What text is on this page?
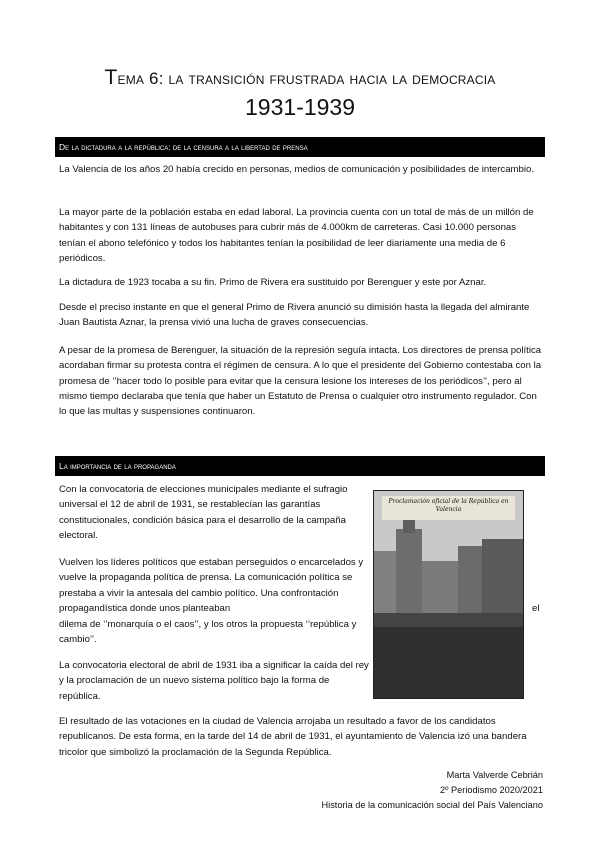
Tema 6: la transición frustrada hacia la democracia
1931-1939
De la dictadura a la república: de la censura a la libertad de prensa

La Valencia de los años 20 había crecido en personas, medios de comunicación y posibilidades de intercambio.

La mayor parte de la población estaba en edad laboral. La provincia cuenta con un total de más de un millón de habitantes y con 131 líneas de autobuses para cubrir más de 4.000km de carreteras. Casi 10.000 personas tenían el abono telefónico y todos los habitantes tenían la posibilidad de leer diariamente una media de 6 periódicos.

La dictadura de 1923 tocaba a su fin. Primo de Rivera era sustituido por Berenguer y este por Aznar.

Desde el preciso instante en que el general Primo de Rivera anunció su dimisión hasta la llegada del almirante Juan Bautista Aznar, la prensa vivió una lucha de graves consecuencias.

A pesar de la promesa de Berenguer, la situación de la represión seguía intacta. Los directores de prensa política acordaban firmar su protesta contra el régimen de censura. A lo que el presidente del Gobierno contestaba con la promesa de ‘’hacer todo lo posible para evitar que la censura lesione los intereses de los periódicos’’, pero al mismo tiempo declaraba que tenía que haber un Estatuto de Prensa o cualquier otro instrumento regulador. Con lo que las multas y suspensiones continuaron.

La importancia de la propaganda

Con la convocatoria de elecciones municipales mediante el sufragio universal el 12 de abril de 1931, se restablecían las garantías constitucionales, condición básica para el desarrollo de la campaña electoral.

Vuelven los líderes políticos que estaban perseguidos o encarcelados y vuelve la propaganda política de prensa. La comunicación política se prestaba a vivir la antesala del cambio político. Una confrontación propagandística donde unos planteaban	el

dilema de ‘’monarquía o el caos’’, y los otros la propuesta ‘’república y cambio’’.

La convocatoria electoral de abril de 1931 iba a significar la caída del rey y la proclamación de un nuevo sistema político bajo la forma de república.

El resultado de las votaciones en la ciudad de Valencia arrojaba un resultado a favor de los candidatos republicanos. De esta forma, en la tarde del 14 de abril de 1931, el ayuntamiento de Valencia izó una bandera tricolor que simbolizó la proclamación de la Segunda República.

Proclamación oficial de la República en Valencia
Marta Valverde Cebrián
2º Periodismo 2020/2021
Historia de la comunicación social del País Valenciano
